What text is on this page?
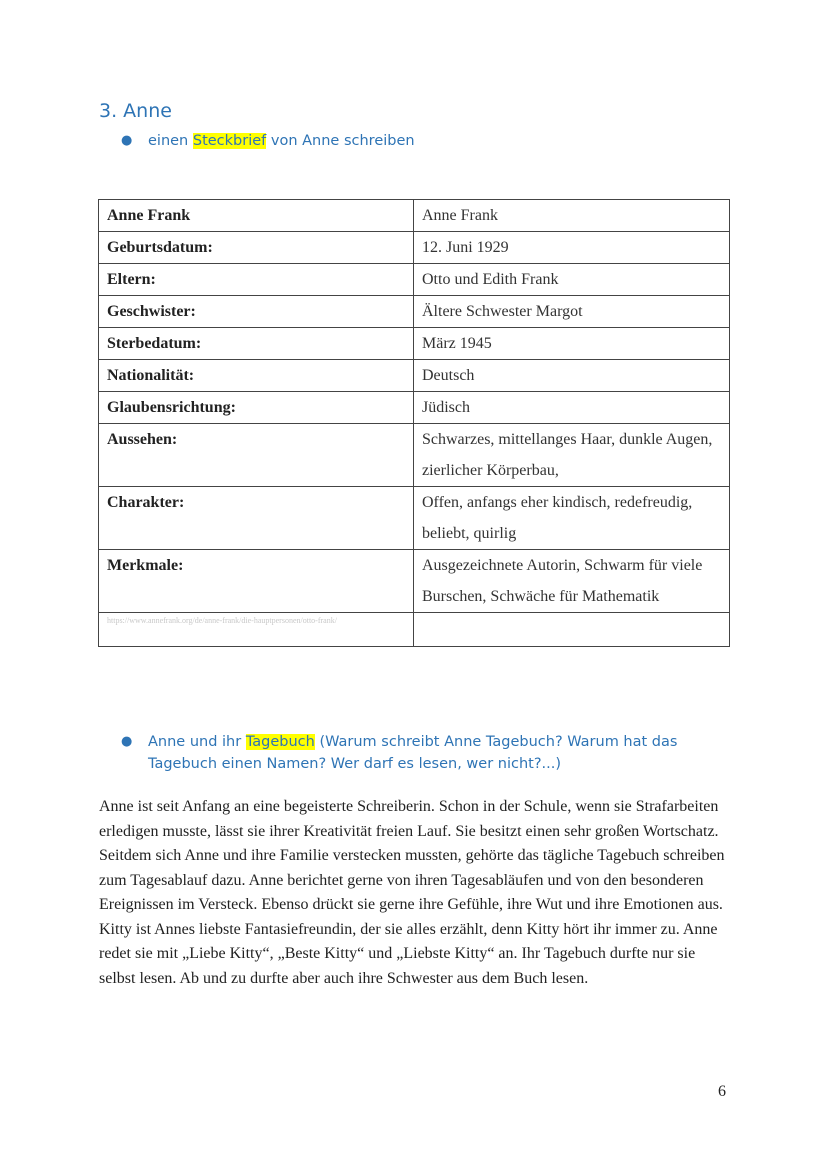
3. Anne
● einen Steckbrief von Anne schreiben
Anne Frank	Anne Frank
Geburtsdatum:	12. Juni 1929
Eltern:	Otto und Edith Frank
Geschwister:	Ältere Schwester Margot
Sterbedatum:	März 1945
Nationalität:	Deutsch
Glaubensrichtung:	Jüdisch
Aussehen:	Schwarzes, mittellanges Haar, dunkle Augen, zierlicher Körperbau,
Charakter:	Offen, anfangs eher kindisch, redefreudig, beliebt, quirlig
Merkmale:	Ausgezeichnete Autorin, Schwarm für viele Burschen, Schwäche für Mathematik
https://www.annefrank.org/de/anne-frank/die-hauptpersonen/otto-frank/	
● Anne und ihr Tagebuch (Warum schreibt Anne Tagebuch? Warum hat das Tagebuch einen Namen? Wer darf es lesen, wer nicht?...)

Anne ist seit Anfang an eine begeisterte Schreiberin. Schon in der Schule, wenn sie Strafarbeiten erledigen musste, lässt sie ihrer Kreativität freien Lauf. Sie besitzt einen sehr großen Wortschatz. Seitdem sich Anne und ihre Familie verstecken mussten, gehörte das tägliche Tagebuch schreiben zum Tagesablauf dazu. Anne berichtet gerne von ihren Tagesabläufen und von den besonderen Ereignissen im Versteck. Ebenso drückt sie gerne ihre Gefühle, ihre Wut und ihre Emotionen aus. Kitty ist Annes liebste Fantasiefreundin, der sie alles erzählt, denn Kitty hört ihr immer zu. Anne redet sie mit „Liebe Kitty“, „Beste Kitty“ und „Liebste Kitty“ an. Ihr Tagebuch durfte nur sie selbst lesen. Ab und zu durfte aber auch ihre Schwester aus dem Buch lesen.

6
